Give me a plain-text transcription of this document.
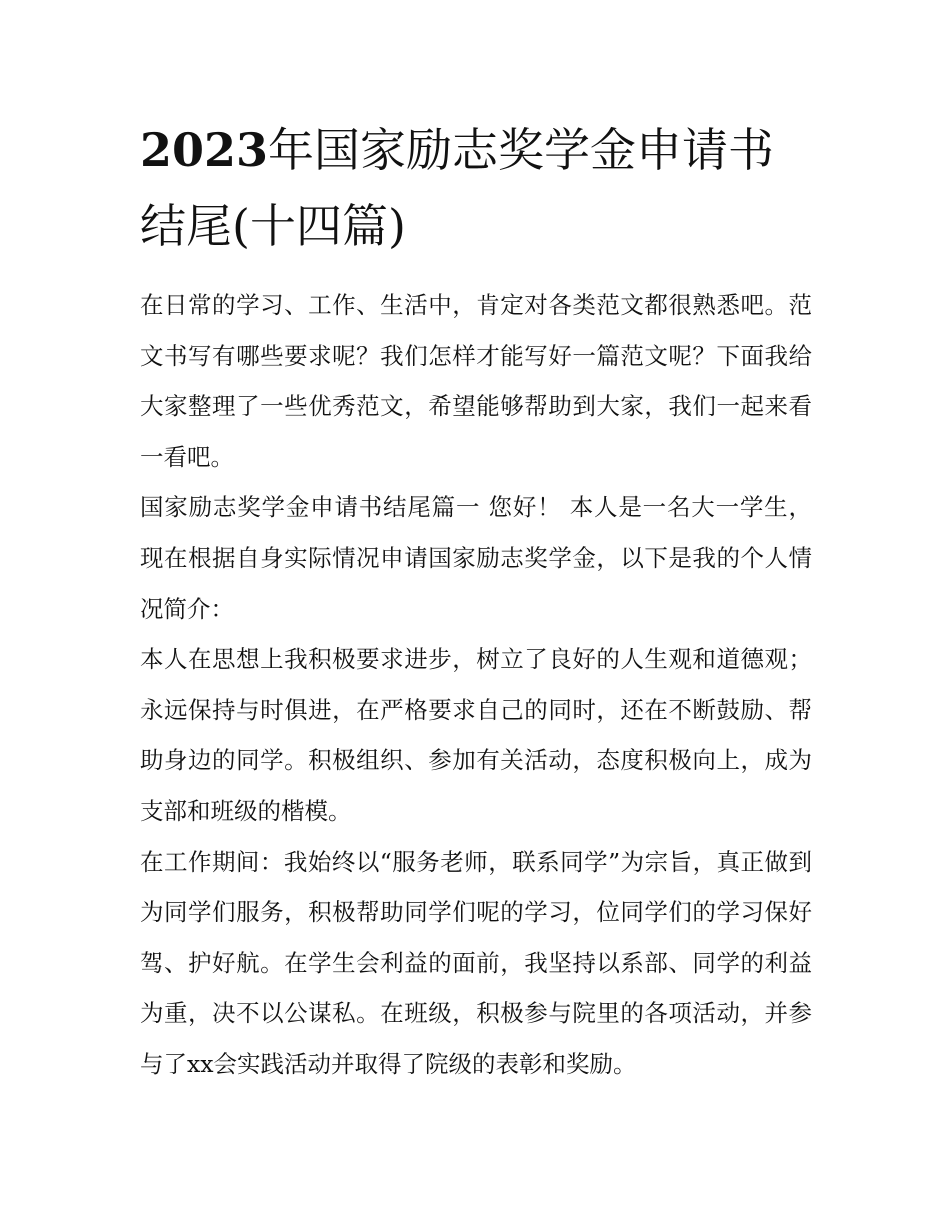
2023年国家励志奖学金申请书结尾(十四篇)

在日常的学习、工作、生活中，肯定对各类范文都很熟悉吧。范文书写有哪些要求呢？我们怎样才能写好一篇范文呢？下面我给大家整理了一些优秀范文，希望能够帮助到大家，我们一起来看一看吧。

国家励志奖学金申请书结尾篇一 您好！ 本人是一名大一学生，现在根据自身实际情况申请国家励志奖学金，以下是我的个人情况简介：

本人在思想上我积极要求进步，树立了良好的人生观和道德观；永远保持与时俱进，在严格要求自己的同时，还在不断鼓励、帮助身边的同学。积极组织、参加有关活动，态度积极向上，成为支部和班级的楷模。

在工作期间：我始终以“服务老师，联系同学”为宗旨，真正做到为同学们服务，积极帮助同学们呢的学习，位同学们的学习保好驾、护好航。在学生会利益的面前，我坚持以系部、同学的利益为重，决不以公谋私。在班级，积极参与院里的各项活动，并参与了xx会实践活动并取得了院级的表彰和奖励。
